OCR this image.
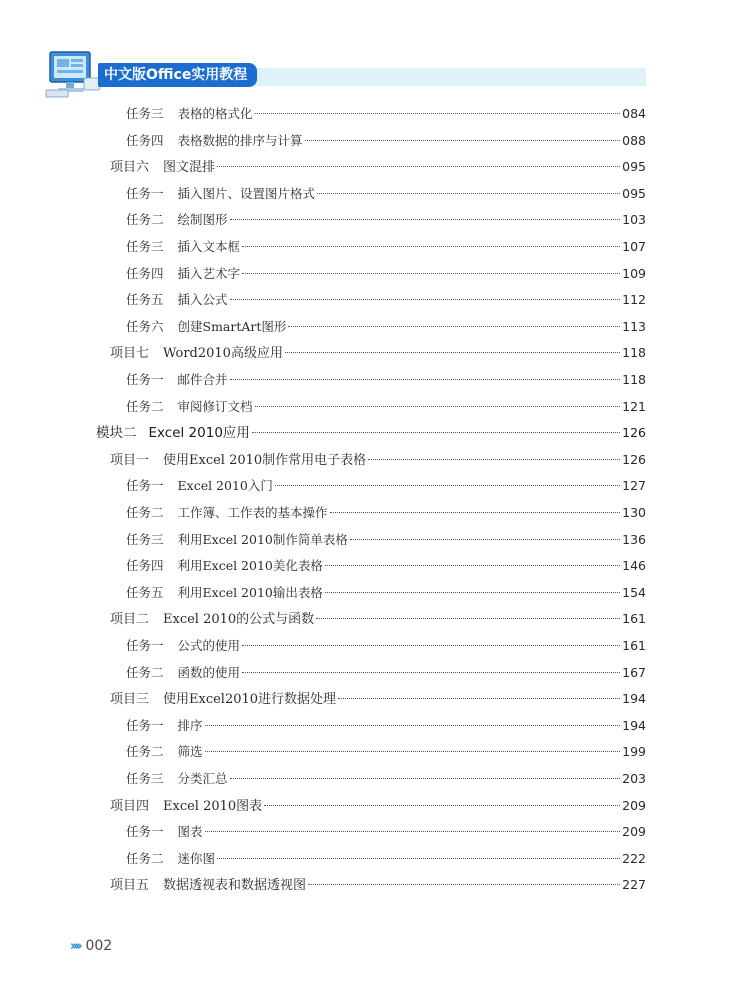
中文版Office实用教程
任务三 表格的格式化	084
任务四 表格数据的排序与计算	088
项目六 图文混排	095
任务一 插入图片、设置图片格式	095
任务二 绘制图形	103
任务三 插入文本框	107
任务四 插入艺术字	109
任务五 插入公式	112
任务六 创建SmartArt图形	113
项目七 Word2010高级应用	118
任务一 邮件合并	118
任务二 审阅修订文档	121
模块二 Excel 2010应用	126
项目一 使用Excel 2010制作常用电子表格	126
任务一 Excel 2010入门	127
任务二 工作簿、工作表的基本操作	130
任务三 利用Excel 2010制作简单表格	136
任务四 利用Excel 2010美化表格	146
任务五 利用Excel 2010输出表格	154
项目二 Excel 2010的公式与函数	161
任务一 公式的使用	161
任务二 函数的使用	167
项目三 使用Excel2010进行数据处理	194
任务一 排序	194
任务二 筛选	199
任务三 分类汇总	203
项目四 Excel 2010图表	209
任务一 图表	209
任务二 迷你图	222
项目五 数据透视表和数据透视图	227
›››› 002
